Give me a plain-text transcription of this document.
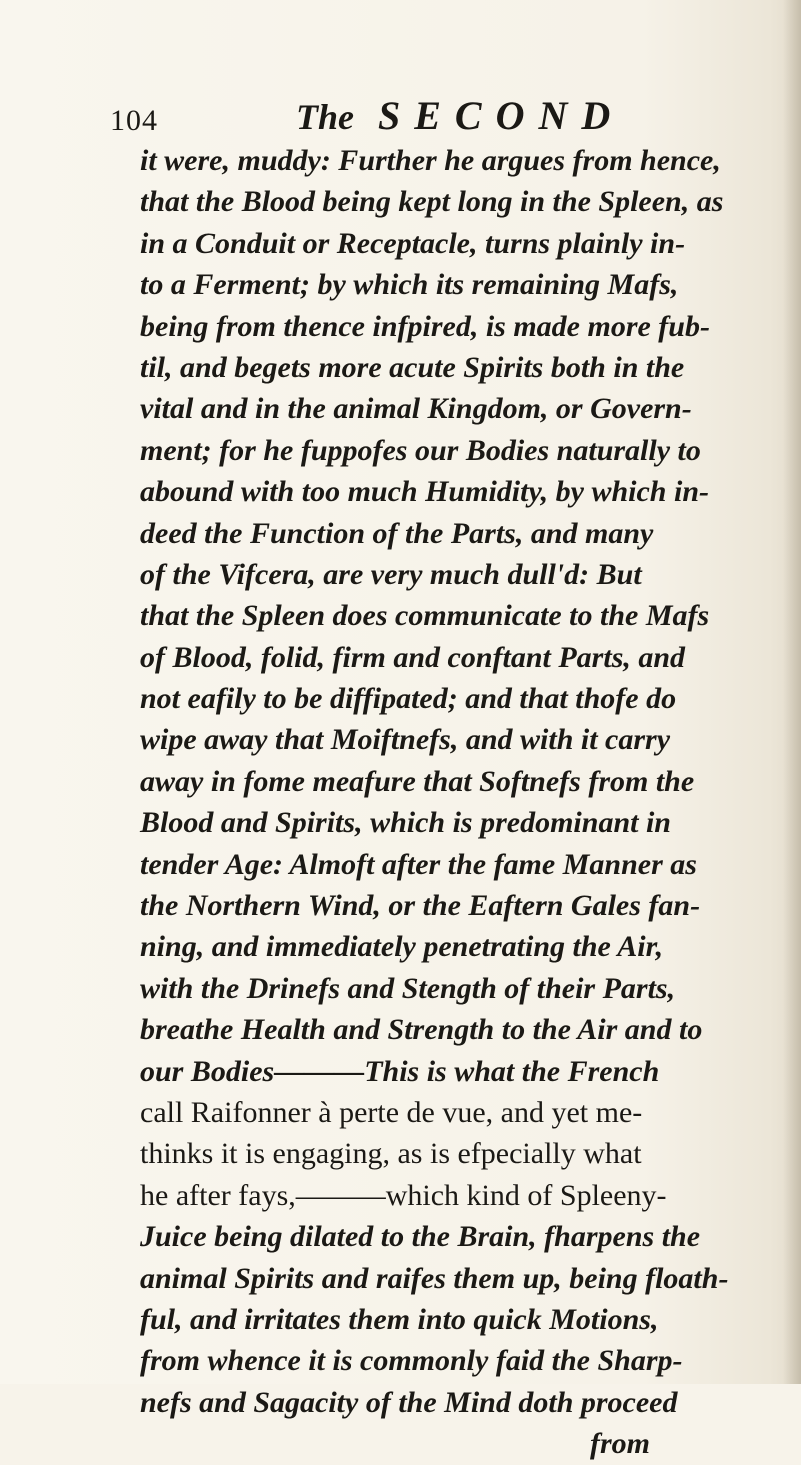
104	The SECOND
it were, muddy: Further he argues from hence,
that the Blood being kept long in the Spleen, as
in a Conduit or Receptacle, turns plainly in-
to a Ferment; by which its remaining Mafs,
being from thence infpired, is made more fub-
til, and begets more acute Spirits both in the
vital and in the animal Kingdom, or Govern-
ment; for he fuppofes our Bodies naturally to
abound with too much Humidity, by which in-
deed the Function of the Parts, and many
of the Vifcera, are very much dull'd: But
that the Spleen does communicate to the Mafs
of Blood, folid, firm and conftant Parts, and
not eafily to be diffipated; and that thofe do
wipe away that Moiftnefs, and with it carry
away in fome meafure that Softnefs from the
Blood and Spirits, which is predominant in
tender Age: Almoft after the fame Manner as
the Northern Wind, or the Eaftern Gales fan-
ning, and immediately penetrating the Air,
with the Drinefs and Stength of their Parts,
breathe Health and Strength to the Air and to
our Bodies———This is what the French
call Raifonner à perte de vue, and yet me-
thinks it is engaging, as is efpecially what
he after fays,———which kind of Spleeny-
Juice being dilated to the Brain, fharpens the
animal Spirits and raifes them up, being floath-
ful, and irritates them into quick Motions,
from whence it is commonly faid the Sharp-
nefs and Sagacity of the Mind doth proceed
from
